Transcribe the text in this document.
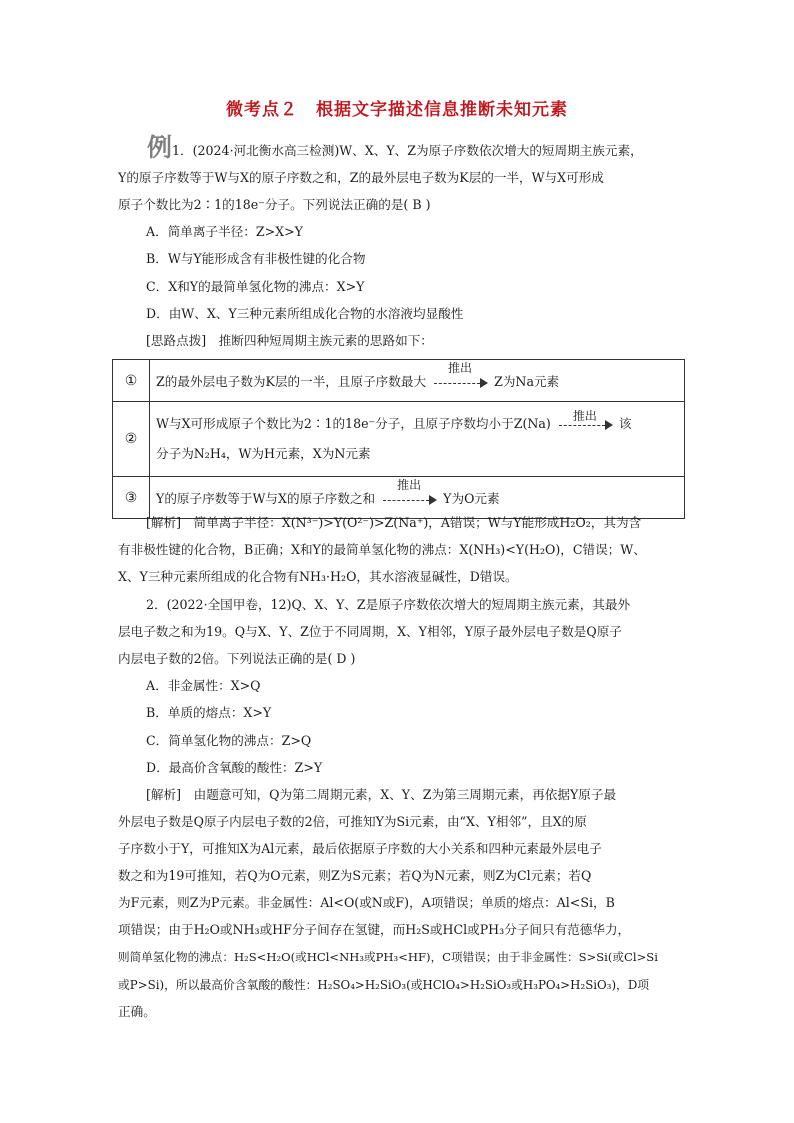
微考点２　根据文字描述信息推断未知元素
例 1．(2024·河北衡水高三检测)W、X、Y、Z为原子序数依次增大的短周期主族元素，
Y的原子序数等于W与X的原子序数之和，Z的最外层电子数为K层的一半，W与X可形成
原子个数比为2∶1的18e⁻分子。下列说法正确的是( B )
A．简单离子半径：Z>X>Y
B．W与Y能形成含有非极性键的化合物
C．X和Y的最简单氢化物的沸点：X>Y
D．由W、X、Y三种元素所组成化合物的水溶液均显酸性
[思路点拨]　推断四种短周期主族元素的思路如下：
①	Z的最外层电子数为K层的一半，且原子序数最大
推出
Z为Na元素
②	W与X可形成原子个数比为2∶1的18e⁻分子，且原子序数均小于Z(Na)
推出
该
分子为N₂H₄，W为H元素，X为N元素

③	Y的原子序数等于W与X的原子序数之和
推出
Y为O元素
[解析]　简单离子半径：X(N³⁻)>Y(O²⁻)>Z(Na⁺)，A错误；W与Y能形成H₂O₂，其为含
有非极性键的化合物，B正确；X和Y的最简单氢化物的沸点：X(NH₃)<Y(H₂O)，C错误；W、
X、Y三种元素所组成的化合物有NH₃·H₂O，其水溶液显碱性，D错误。
2．(2022·全国甲卷，12)Q、X、Y、Z是原子序数依次增大的短周期主族元素，其最外
层电子数之和为19。Q与X、Y、Z位于不同周期，X、Y相邻，Y原子最外层电子数是Q原子
内层电子数的2倍。下列说法正确的是( D )
A．非金属性：X>Q
B．单质的熔点：X>Y
C．简单氢化物的沸点：Z>Q
D．最高价含氧酸的酸性：Z>Y
[解析]　由题意可知，Q为第二周期元素，X、Y、Z为第三周期元素，再依据Y原子最
外层电子数是Q原子内层电子数的2倍，可推知Y为Si元素，由“X、Y相邻”，且X的原
子序数小于Y，可推知X为Al元素，最后依据原子序数的大小关系和四种元素最外层电子
数之和为19可推知，若Q为O元素，则Z为S元素；若Q为N元素，则Z为Cl元素；若Q
为F元素，则Z为P元素。非金属性：Al<O(或N或F)，A项错误；单质的熔点：Al<Si，B
项错误；由于H₂O或NH₃或HF分子间存在氢键，而H₂S或HCl或PH₃分子间只有范德华力，
则简单氢化物的沸点：H₂S<H₂O(或HCl<NH₃或PH₃<HF)，C项错误；由于非金属性：S>Si(或Cl>Si
或P>Si)，所以最高价含氧酸的酸性：H₂SO₄>H₂SiO₃(或HClO₄>H₂SiO₃或H₃PO₄>H₂SiO₃)，D项
正确。
